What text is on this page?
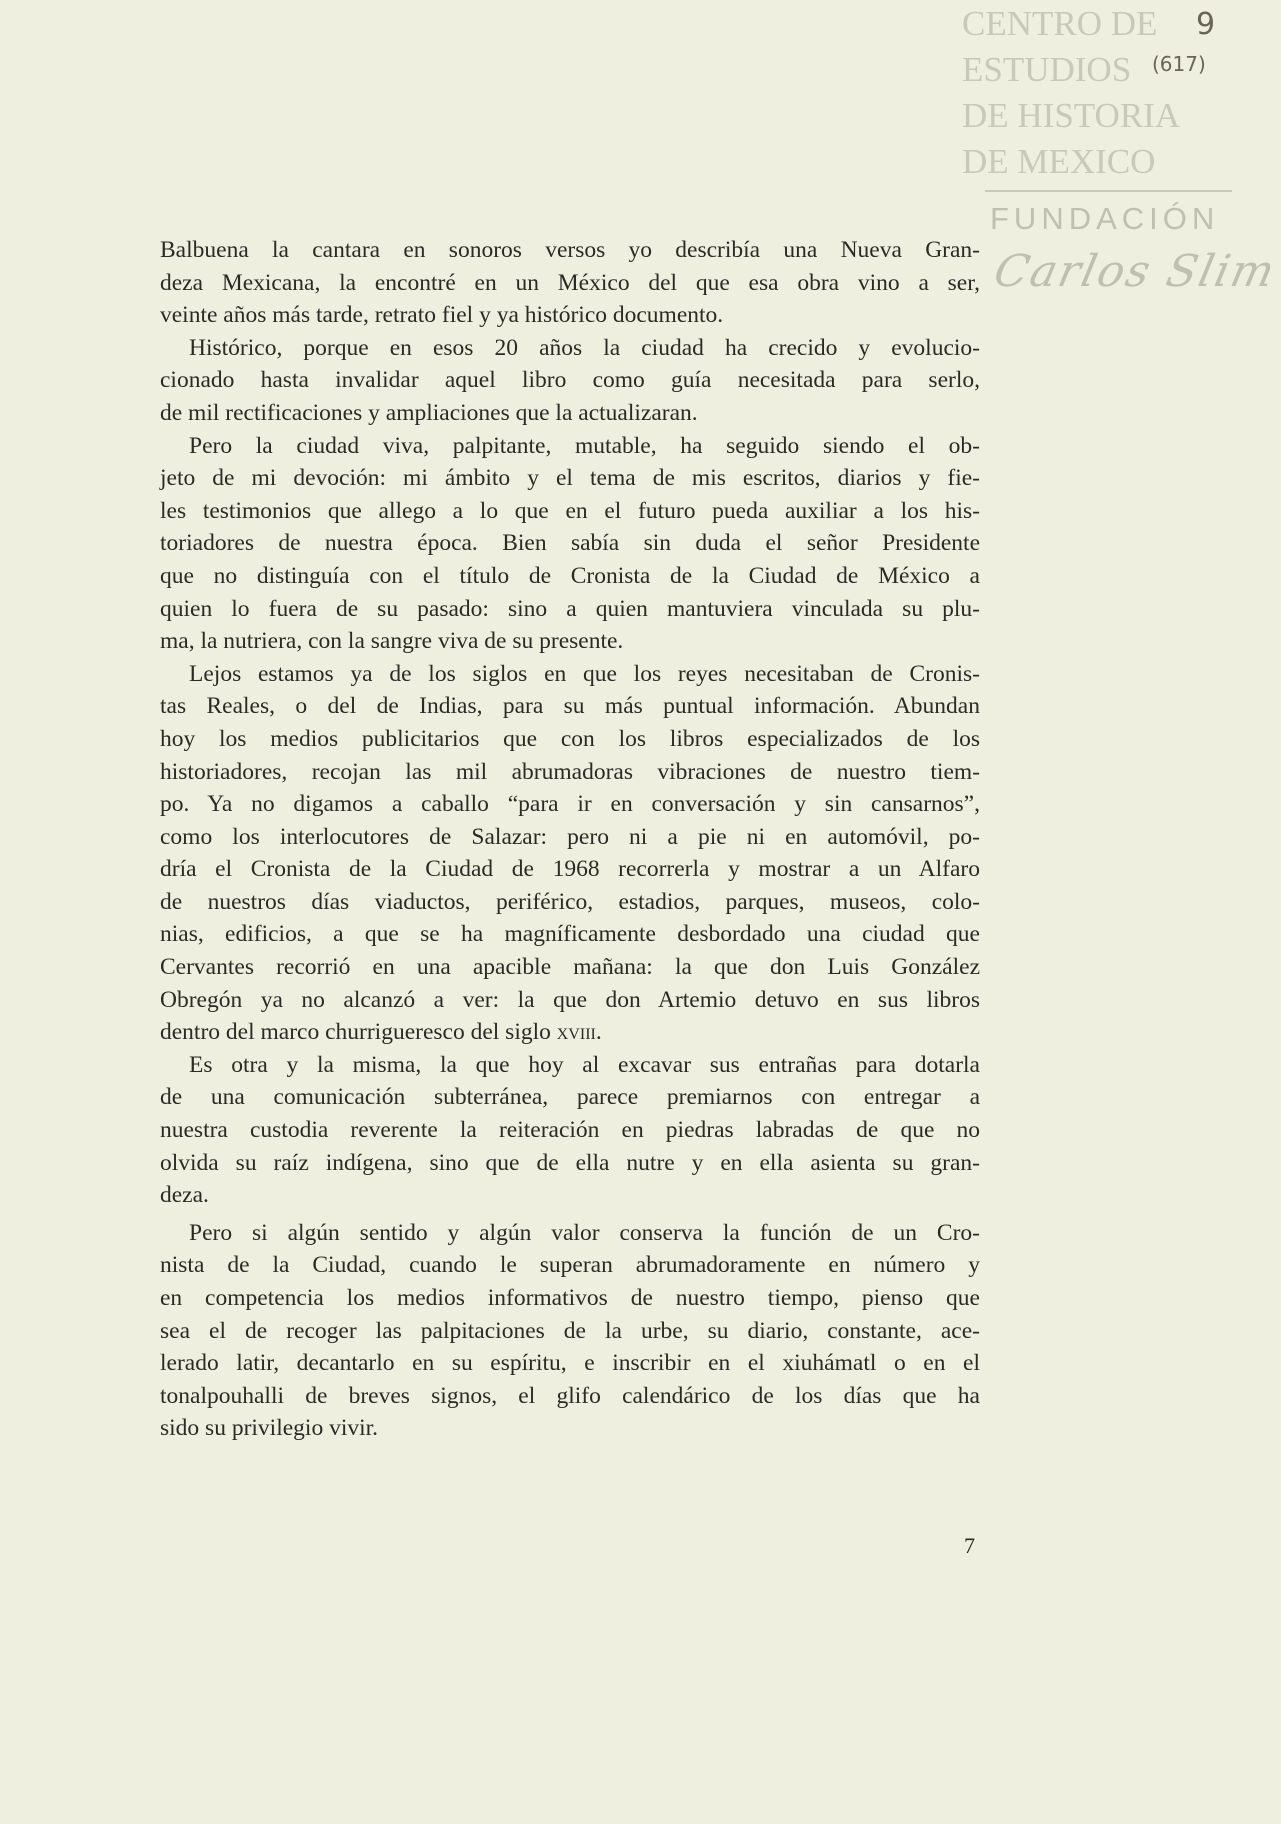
CENTRO DE
ESTUDIOS
DE HISTORIA
DE MEXICO
FUNDACIÓN
Carlos Slim
9
(617)
Balbuena la cantara en sonoros versos yo describía una Nueva Gran-
deza Mexicana, la encontré en un México del que esa obra vino a ser,
veinte años más tarde, retrato fiel y ya histórico documento.
Histórico, porque en esos 20 años la ciudad ha crecido y evolucio-
cionado hasta invalidar aquel libro como guía necesitada para serlo,
de mil rectificaciones y ampliaciones que la actualizaran.
Pero la ciudad viva, palpitante, mutable, ha seguido siendo el ob-
jeto de mi devoción: mi ámbito y el tema de mis escritos, diarios y fie-
les testimonios que allego a lo que en el futuro pueda auxiliar a los his-
toriadores de nuestra época. Bien sabía sin duda el señor Presidente
que no distinguía con el título de Cronista de la Ciudad de México a
quien lo fuera de su pasado: sino a quien mantuviera vinculada su plu-
ma, la nutriera, con la sangre viva de su presente.
Lejos estamos ya de los siglos en que los reyes necesitaban de Cronis-
tas Reales, o del de Indias, para su más puntual información. Abundan
hoy los medios publicitarios que con los libros especializados de los
historiadores, recojan las mil abrumadoras vibraciones de nuestro tiem-
po. Ya no digamos a caballo “para ir en conversación y sin cansarnos”,
como los interlocutores de Salazar: pero ni a pie ni en automóvil, po-
dría el Cronista de la Ciudad de 1968 recorrerla y mostrar a un Alfaro
de nuestros días viaductos, periférico, estadios, parques, museos, colo-
nias, edificios, a que se ha magníficamente desbordado una ciudad que
Cervantes recorrió en una apacible mañana: la que don Luis González
Obregón ya no alcanzó a ver: la que don Artemio detuvo en sus libros
dentro del marco churrigueresco del siglo xviii.
Es otra y la misma, la que hoy al excavar sus entrañas para dotarla
de una comunicación subterránea, parece premiarnos con entregar a
nuestra custodia reverente la reiteración en piedras labradas de que no
olvida su raíz indígena, sino que de ella nutre y en ella asienta su gran-
deza.
Pero si algún sentido y algún valor conserva la función de un Cro-
nista de la Ciudad, cuando le superan abrumadoramente en número y
en competencia los medios informativos de nuestro tiempo, pienso que
sea el de recoger las palpitaciones de la urbe, su diario, constante, ace-
lerado latir, decantarlo en su espíritu, e inscribir en el xiuhámatl o en el
tonalpouhalli de breves signos, el glifo calendárico de los días que ha
sido su privilegio vivir.
7
